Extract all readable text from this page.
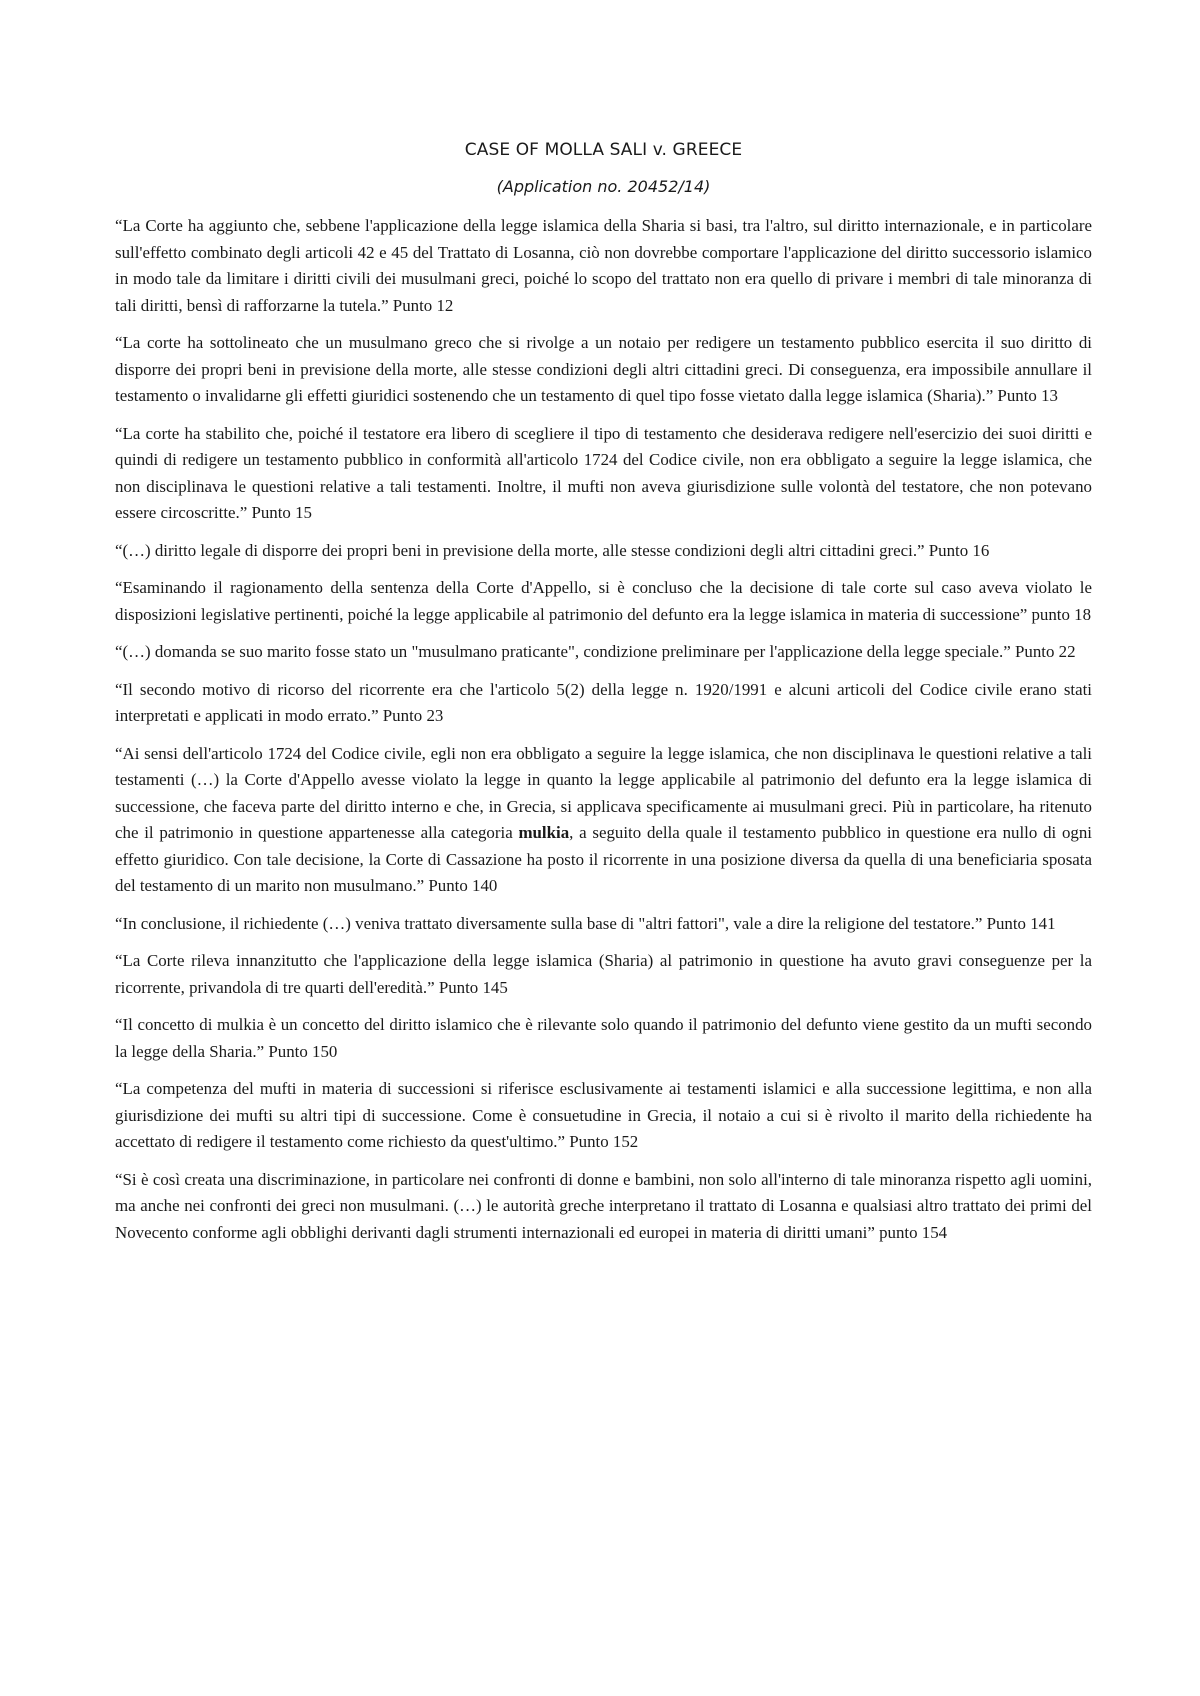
CASE OF MOLLA SALI v. GREECE
(Application no. 20452/14)

“La Corte ha aggiunto che, sebbene l'applicazione della legge islamica della Sharia si basi, tra l'altro, sul diritto internazionale, e in particolare sull'effetto combinato degli articoli 42 e 45 del Trattato di Losanna, ciò non dovrebbe comportare l'applicazione del diritto successorio islamico in modo tale da limitare i diritti civili dei musulmani greci, poiché lo scopo del trattato non era quello di privare i membri di tale minoranza di tali diritti, bensì di rafforzarne la tutela.” Punto 12

“La corte ha sottolineato che un musulmano greco che si rivolge a un notaio per redigere un testamento pubblico esercita il suo diritto di disporre dei propri beni in previsione della morte, alle stesse condizioni degli altri cittadini greci. Di conseguenza, era impossibile annullare il testamento o invalidarne gli effetti giuridici sostenendo che un testamento di quel tipo fosse vietato dalla legge islamica (Sharia).” Punto 13

“La corte ha stabilito che, poiché il testatore era libero di scegliere il tipo di testamento che desiderava redigere nell'esercizio dei suoi diritti e quindi di redigere un testamento pubblico in conformità all'articolo 1724 del Codice civile, non era obbligato a seguire la legge islamica, che non disciplinava le questioni relative a tali testamenti. Inoltre, il mufti non aveva giurisdizione sulle volontà del testatore, che non potevano essere circoscritte.” Punto 15

“(…) diritto legale di disporre dei propri beni in previsione della morte, alle stesse condizioni degli altri cittadini greci.” Punto 16

“Esaminando il ragionamento della sentenza della Corte d'Appello, si è concluso che la decisione di tale corte sul caso aveva violato le disposizioni legislative pertinenti, poiché la legge applicabile al patrimonio del defunto era la legge islamica in materia di successione” punto 18

“(…) domanda se suo marito fosse stato un "musulmano praticante", condizione preliminare per l'applicazione della legge speciale.” Punto 22

“Il secondo motivo di ricorso del ricorrente era che l'articolo 5(2) della legge n. 1920/1991 e alcuni articoli del Codice civile erano stati interpretati e applicati in modo errato.” Punto 23

“Ai sensi dell'articolo 1724 del Codice civile, egli non era obbligato a seguire la legge islamica, che non disciplinava le questioni relative a tali testamenti (…) la Corte d'Appello avesse violato la legge in quanto la legge applicabile al patrimonio del defunto era la legge islamica di successione, che faceva parte del diritto interno e che, in Grecia, si applicava specificamente ai musulmani greci. Più in particolare, ha ritenuto che il patrimonio in questione appartenesse alla categoria mulkia, a seguito della quale il testamento pubblico in questione era nullo di ogni effetto giuridico. Con tale decisione, la Corte di Cassazione ha posto il ricorrente in una posizione diversa da quella di una beneficiaria sposata del testamento di un marito non musulmano.” Punto 140

“In conclusione, il richiedente (…) veniva trattato diversamente sulla base di "altri fattori", vale a dire la religione del testatore.” Punto 141

“La Corte rileva innanzitutto che l'applicazione della legge islamica (Sharia) al patrimonio in questione ha avuto gravi conseguenze per la ricorrente, privandola di tre quarti dell'eredità.” Punto 145

“Il concetto di mulkia è un concetto del diritto islamico che è rilevante solo quando il patrimonio del defunto viene gestito da un mufti secondo la legge della Sharia.” Punto 150

“La competenza del mufti in materia di successioni si riferisce esclusivamente ai testamenti islamici e alla successione legittima, e non alla giurisdizione dei mufti su altri tipi di successione. Come è consuetudine in Grecia, il notaio a cui si è rivolto il marito della richiedente ha accettato di redigere il testamento come richiesto da quest'ultimo.” Punto 152

“Si è così creata una discriminazione, in particolare nei confronti di donne e bambini, non solo all'interno di tale minoranza rispetto agli uomini, ma anche nei confronti dei greci non musulmani. (…) le autorità greche interpretano il trattato di Losanna e qualsiasi altro trattato dei primi del Novecento conforme agli obblighi derivanti dagli strumenti internazionali ed europei in materia di diritti umani” punto 154
